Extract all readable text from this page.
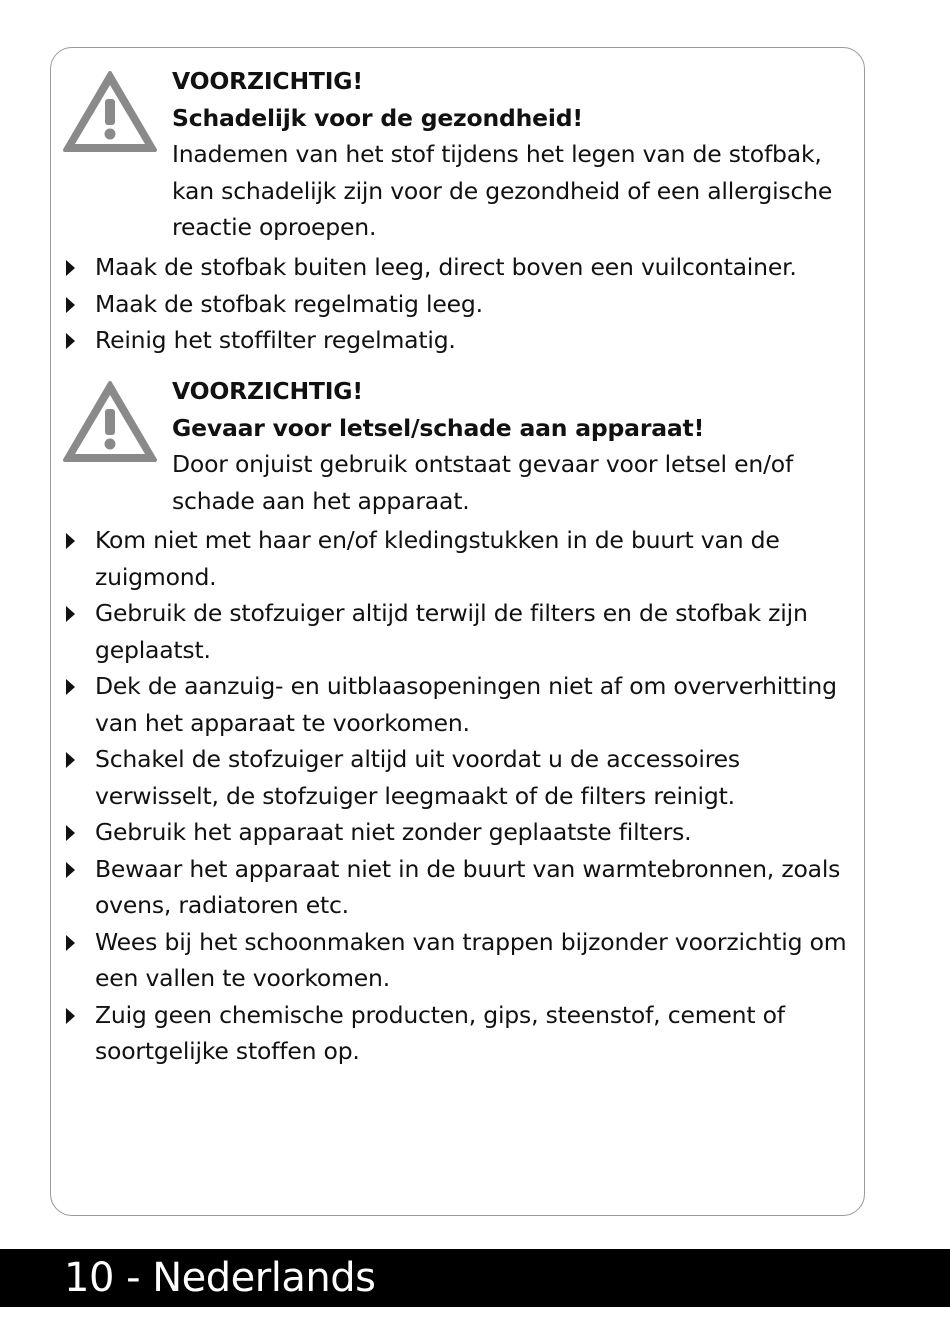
VOORZICHTIG!
Schadelijk voor de gezondheid!
Inademen van het stof tijdens het legen van de stofbak, kan schadelijk zijn voor de gezondheid of een allergische reactie oproepen.
Maak de stofbak buiten leeg, direct boven een vuilcontainer.
Maak de stofbak regelmatig leeg.
Reinig het stoffilter regelmatig.
VOORZICHTIG!
Gevaar voor letsel/schade aan apparaat!
Door onjuist gebruik ontstaat gevaar voor letsel en/of schade aan het apparaat.
Kom niet met haar en/of kledingstukken in de buurt van de zuigmond.
Gebruik de stofzuiger altijd terwijl de filters en de stofbak zijn geplaatst.
Dek de aanzuig- en uitblaasopeningen niet af om oververhitting van het apparaat te voorkomen.
Schakel de stofzuiger altijd uit voordat u de accessoires verwisselt, de stofzuiger leegmaakt of de filters reinigt.
Gebruik het apparaat niet zonder geplaatste filters.
Bewaar het apparaat niet in de buurt van warmtebronnen, zoals ovens, radiatoren etc.
Wees bij het schoonmaken van trappen bijzonder voorzichtig om een vallen te voorkomen.
Zuig geen chemische producten, gips, steenstof, cement of soortgelijke stoffen op.
10 - Nederlands
